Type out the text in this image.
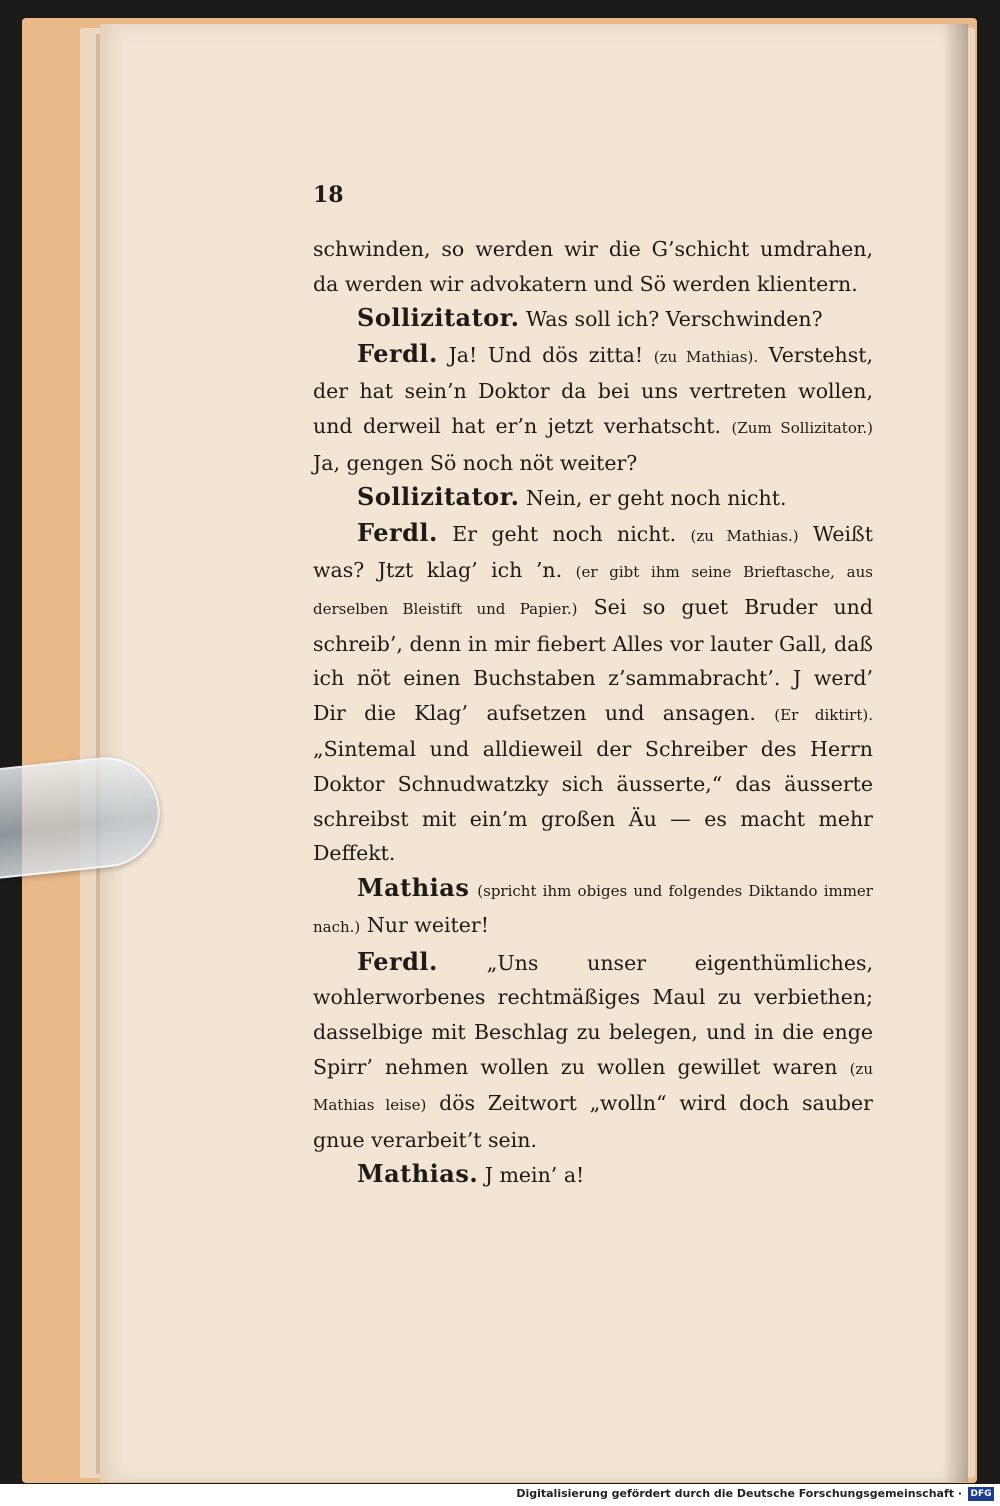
18

schwinden, so werden wir die G’schicht umdrahen, da werden wir advokatern und Sö werden klientern.

Sollizitator. Was soll ich? Verschwinden?

Ferdl. Ja! Und dös zitta! (zu Mathias). Verstehst, der hat sein’n Doktor da bei uns vertreten wollen, und derweil hat er’n jetzt verhatscht. (Zum Sollizitator.) Ja, gengen Sö noch nöt weiter?

Sollizitator. Nein, er geht noch nicht.

Ferdl. Er geht noch nicht. (zu Mathias.) Weißt was? Jtzt klag’ ich ’n. (er gibt ihm seine Brieftasche, aus derselben Bleistift und Papier.) Sei so guet Bruder und schreib’, denn in mir fiebert Alles vor lauter Gall, daß ich nöt einen Buchstaben z’sammabracht’. J werd’ Dir die Klag’ aufsetzen und ansagen. (Er diktirt). „Sintemal und alldieweil der Schreiber des Herrn Doktor Schnudwatzky sich äusserte,“ das äusserte schreibst mit ein’m großen Äu — es macht mehr Deffekt.

Mathias (spricht ihm obiges und folgendes Diktando immer nach.) Nur weiter!

Ferdl. „Uns unser eigenthümliches, wohlerworbenes rechtmäßiges Maul zu verbiethen; dasselbige mit Beschlag zu belegen, und in die enge Spirr’ nehmen wollen zu wollen gewillet waren (zu Mathias leise) dös Zeitwort „wolln“ wird doch sauber gnue verarbeit’t sein.

Mathias. J mein’ a!

Digitalisierung gefördert durch die Deutsche Forschungsgemeinschaft · DFG
